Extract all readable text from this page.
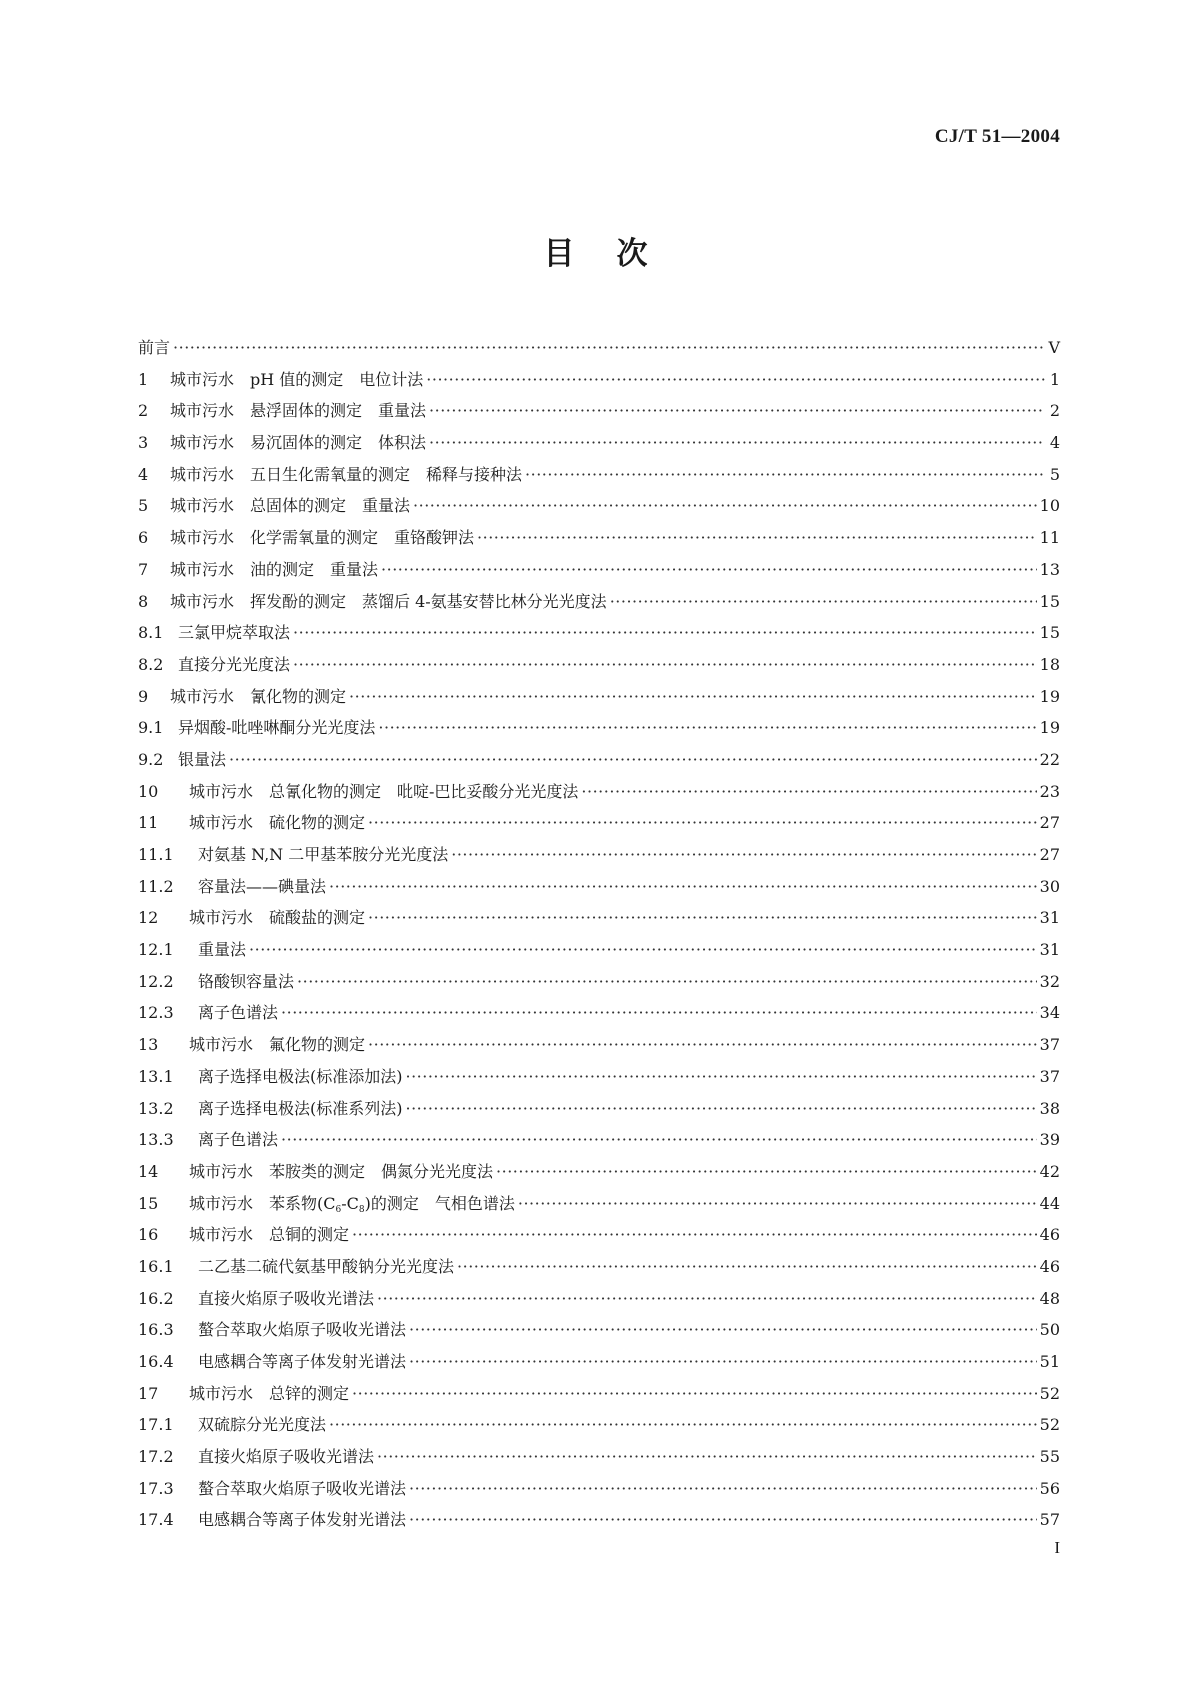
CJ/T 51—2004
目次
前言 ·····	V
1	城市污水　pH 值的测定　电位计法 ·····	1
2	城市污水　悬浮固体的测定　重量法 ·····	2
3	城市污水　易沉固体的测定　体积法 ·····	4
4	城市污水　五日生化需氧量的测定　稀释与接种法 ·····	5
5	城市污水　总固体的测定　重量法 ·····	10
6	城市污水　化学需氧量的测定　重铬酸钾法 ·····	11
7	城市污水　油的测定　重量法 ·····	13
8	城市污水　挥发酚的测定　蒸馏后 4-氨基安替比林分光光度法 ·····	15
8.1 三氯甲烷萃取法 ·····	15
8.2 直接分光光度法 ·····	18
9	城市污水　氰化物的测定 ·····	19
9.1 异烟酸-吡唑啉酮分光光度法 ·····	19
9.2 银量法 ·····	22
10	城市污水　总氰化物的测定　吡啶-巴比妥酸分光光度法 ·····	23
11	城市污水　硫化物的测定 ·····	27
11.1	对氨基 N,N 二甲基苯胺分光光度法 ·····	27
11.2	容量法——碘量法 ·····	30
12	城市污水　硫酸盐的测定 ·····	31
12.1	重量法 ·····	31
12.2	铬酸钡容量法 ·····	32
12.3	离子色谱法 ·····	34
13	城市污水　氟化物的测定 ·····	37
13.1	离子选择电极法(标准添加法) ·····	37
13.2	离子选择电极法(标准系列法) ·····	38
13.3	离子色谱法 ·····	39
14	城市污水　苯胺类的测定　偶氮分光光度法 ·····	42
15	城市污水　苯系物$(C_6-C_8)$的测定　气相色谱法 ·····	44
16	城市污水　总铜的测定 ·····	46
16.1	二乙基二硫代氨基甲酸钠分光光度法 ·····	46
16.2	直接火焰原子吸收光谱法 ·····	48
16.3	螯合萃取火焰原子吸收光谱法 ·····	50
16.4	电感耦合等离子体发射光谱法 ·····	51
17	城市污水　总锌的测定 ·····	52
17.1	双硫腙分光光度法 ·····	52
17.2	直接火焰原子吸收光谱法 ·····	55
17.3	螯合萃取火焰原子吸收光谱法 ·····	56
17.4	电感耦合等离子体发射光谱法 ·····	57
I
